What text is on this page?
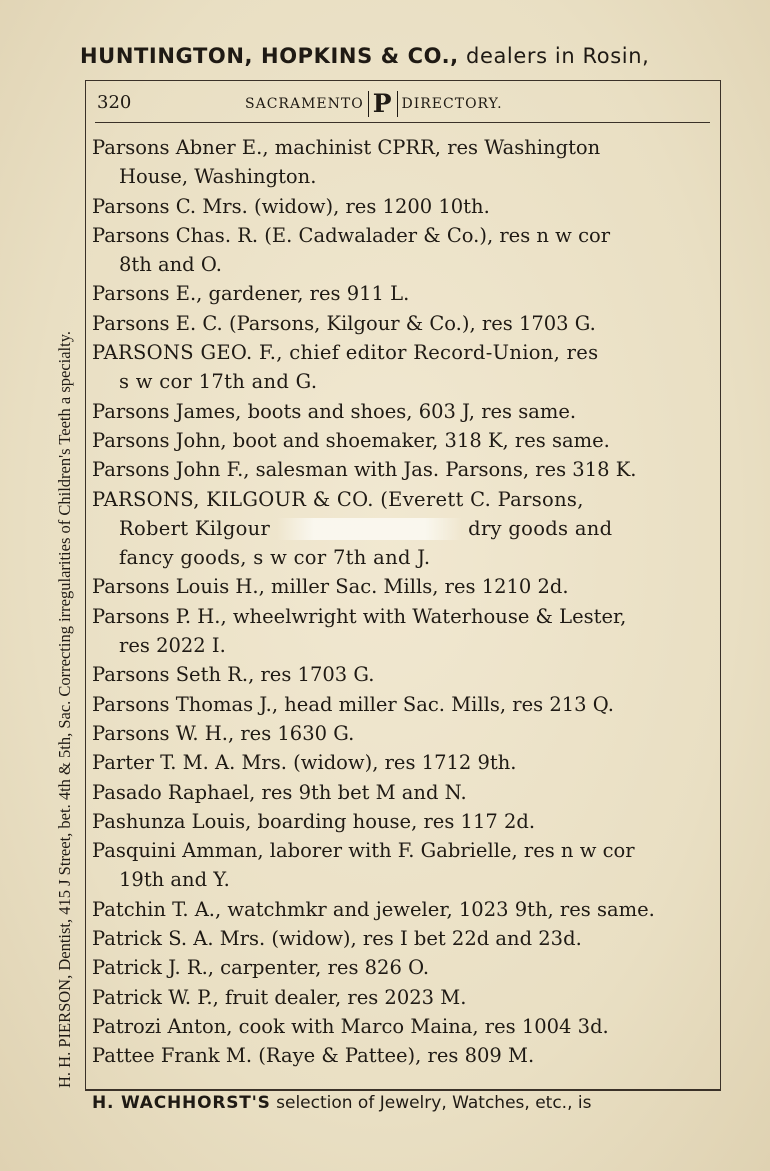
HUNTINGTON, HOPKINS & CO., dealers in Rosin,
H. H. PIERSON, Dentist, 415 J Street, bet. 4th & 5th, Sac. Correcting irregularities of Children's Teeth a specialty.
320	SACRAMENTO P DIRECTORY.
Parsons Abner E., machinist CPRR, res Washington
House, Washington.
Parsons C. Mrs. (widow), res 1200 10th.
Parsons Chas. R. (E. Cadwalader & Co.), res n w cor
8th and O.
Parsons E., gardener, res 911 L.
Parsons E. C. (Parsons, Kilgour & Co.), res 1703 G.
PARSONS GEO. F., chief editor Record-Union, res
s w cor 17th and G.
Parsons James, boots and shoes, 603 J, res same.
Parsons John, boot and shoemaker, 318 K, res same.
Parsons John F., salesman with Jas. Parsons, res 318 K.
PARSONS, KILGOUR & CO. (Everett C. Parsons,
Robert Kilgour	dry goods and
fancy goods, s w cor 7th and J.
Parsons Louis H., miller Sac. Mills, res 1210 2d.
Parsons P. H., wheelwright with Waterhouse & Lester,
res 2022 I.
Parsons Seth R., res 1703 G.
Parsons Thomas J., head miller Sac. Mills, res 213 Q.
Parsons W. H., res 1630 G.
Parter T. M. A. Mrs. (widow), res 1712 9th.
Pasado Raphael, res 9th bet M and N.
Pashunza Louis, boarding house, res 117 2d.
Pasquini Amman, laborer with F. Gabrielle, res n w cor
19th and Y.
Patchin T. A., watchmkr and jeweler, 1023 9th, res same.
Patrick S. A. Mrs. (widow), res I bet 22d and 23d.
Patrick J. R., carpenter, res 826 O.
Patrick W. P., fruit dealer, res 2023 M.
Patrozi Anton, cook with Marco Maina, res 1004 3d.
Pattee Frank M. (Raye & Pattee), res 809 M.
H. WACHHORST'S selection of Jewelry, Watches, etc., is
